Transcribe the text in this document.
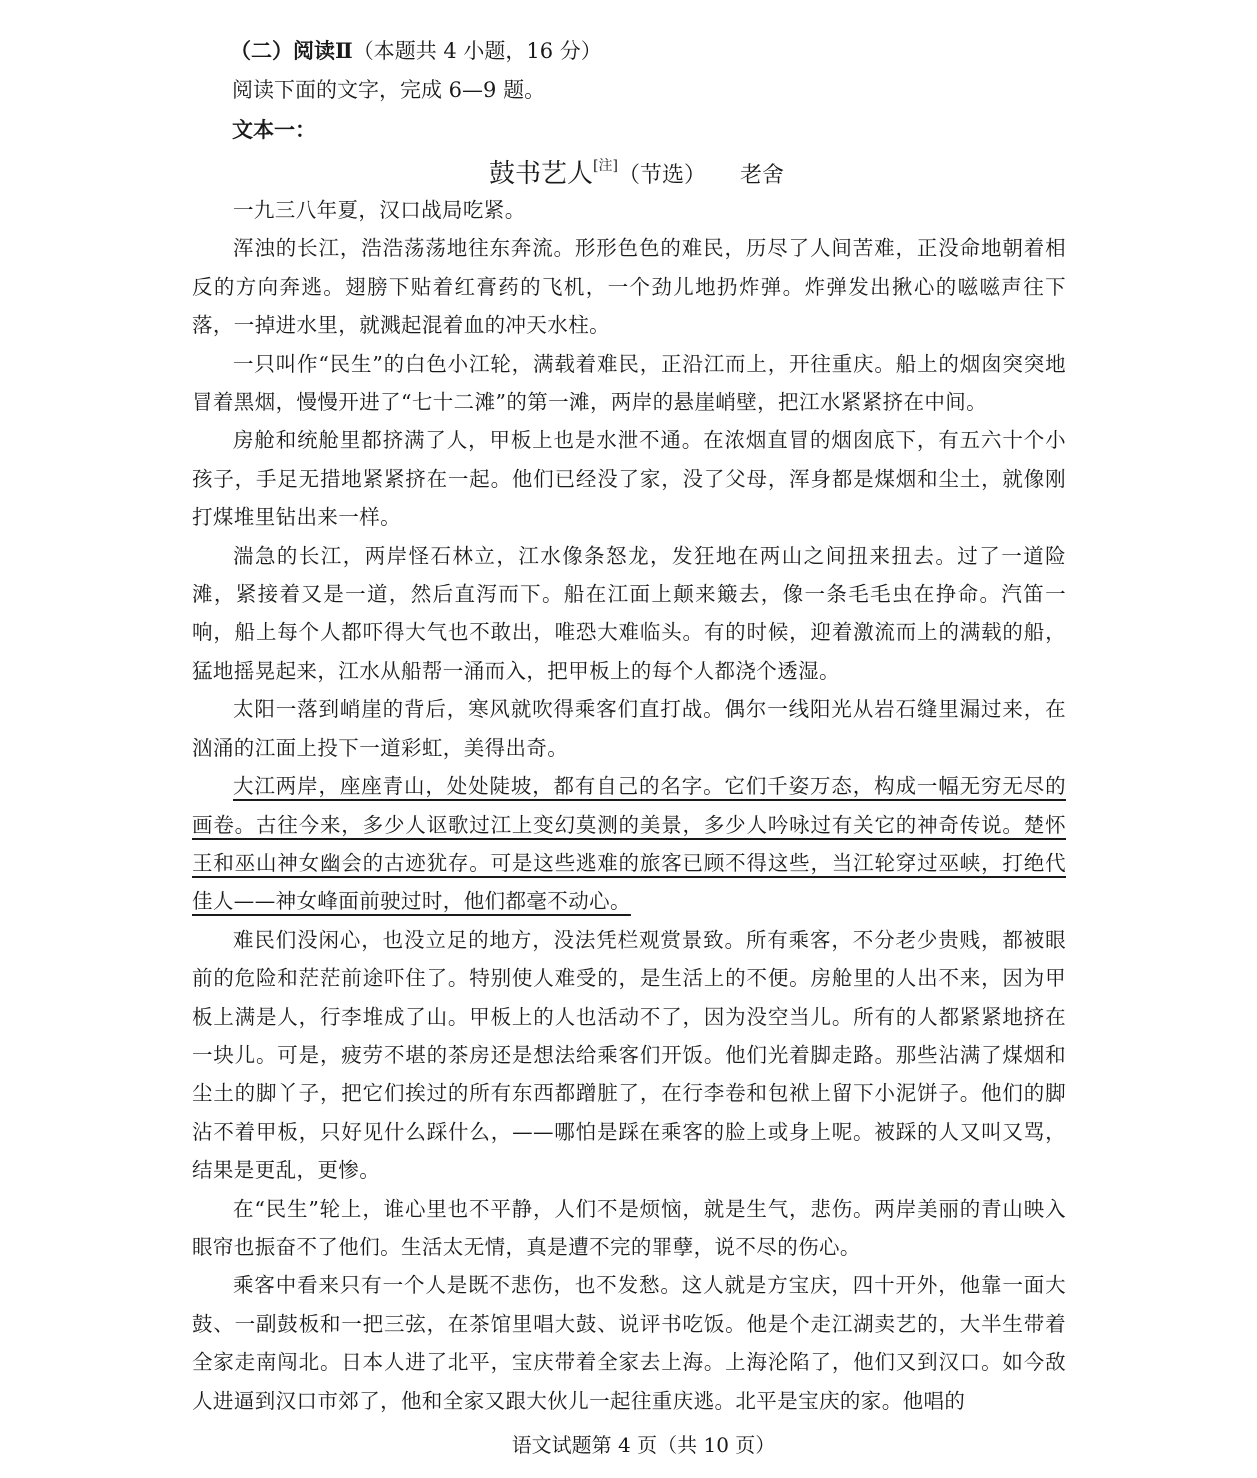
（二）阅读Ⅱ（本题共 4 小题，16 分）
阅读下面的文字，完成 6—9 题。
文本一：
鼓书艺人[注]（节选） 老舍

一九三八年夏，汉口战局吃紧。

浑浊的长江，浩浩荡荡地往东奔流。形形色色的难民，历尽了人间苦难，正没命地朝着相反的方向奔逃。翅膀下贴着红膏药的飞机，一个劲儿地扔炸弹。炸弹发出揪心的嗞嗞声往下落，一掉进水里，就溅起混着血的冲天水柱。

一只叫作“民生”的白色小江轮，满载着难民，正沿江而上，开往重庆。船上的烟囱突突地冒着黑烟，慢慢开进了“七十二滩”的第一滩，两岸的悬崖峭壁，把江水紧紧挤在中间。

房舱和统舱里都挤满了人，甲板上也是水泄不通。在浓烟直冒的烟囱底下，有五六十个小孩子，手足无措地紧紧挤在一起。他们已经没了家，没了父母，浑身都是煤烟和尘土，就像刚打煤堆里钻出来一样。

湍急的长江，两岸怪石林立，江水像条怒龙，发狂地在两山之间扭来扭去。过了一道险滩，紧接着又是一道，然后直泻而下。船在江面上颠来簸去，像一条毛毛虫在挣命。汽笛一响，船上每个人都吓得大气也不敢出，唯恐大难临头。有的时候，迎着激流而上的满载的船，猛地摇晃起来，江水从船帮一涌而入，把甲板上的每个人都浇个透湿。

太阳一落到峭崖的背后，寒风就吹得乘客们直打战。偶尔一线阳光从岩石缝里漏过来，在汹涌的江面上投下一道彩虹，美得出奇。

大江两岸，座座青山，处处陡坡，都有自己的名字。它们千姿万态，构成一幅无穷无尽的画卷。古往今来，多少人讴歌过江上变幻莫测的美景，多少人吟咏过有关它的神奇传说。楚怀王和巫山神女幽会的古迹犹存。可是这些逃难的旅客已顾不得这些，当江轮穿过巫峡，打绝代佳人——神女峰面前驶过时，他们都毫不动心。

难民们没闲心，也没立足的地方，没法凭栏观赏景致。所有乘客，不分老少贵贱，都被眼前的危险和茫茫前途吓住了。特别使人难受的，是生活上的不便。房舱里的人出不来，因为甲板上满是人，行李堆成了山。甲板上的人也活动不了，因为没空当儿。所有的人都紧紧地挤在一块儿。可是，疲劳不堪的茶房还是想法给乘客们开饭。他们光着脚走路。那些沾满了煤烟和尘土的脚丫子，把它们挨过的所有东西都蹭脏了，在行李卷和包袱上留下小泥饼子。他们的脚沾不着甲板，只好见什么踩什么，——哪怕是踩在乘客的脸上或身上呢。被踩的人又叫又骂，结果是更乱，更惨。

在“民生”轮上，谁心里也不平静，人们不是烦恼，就是生气，悲伤。两岸美丽的青山映入眼帘也振奋不了他们。生活太无情，真是遭不完的罪孽，说不尽的伤心。

乘客中看来只有一个人是既不悲伤，也不发愁。这人就是方宝庆，四十开外，他靠一面大鼓、一副鼓板和一把三弦，在茶馆里唱大鼓、说评书吃饭。他是个走江湖卖艺的，大半生带着全家走南闯北。日本人进了北平，宝庆带着全家去上海。上海沦陷了，他们又到汉口。如今敌人进逼到汉口市郊了，他和全家又跟大伙儿一起往重庆逃。北平是宝庆的家。他唱的

语文试题第 4 页（共 10 页）
